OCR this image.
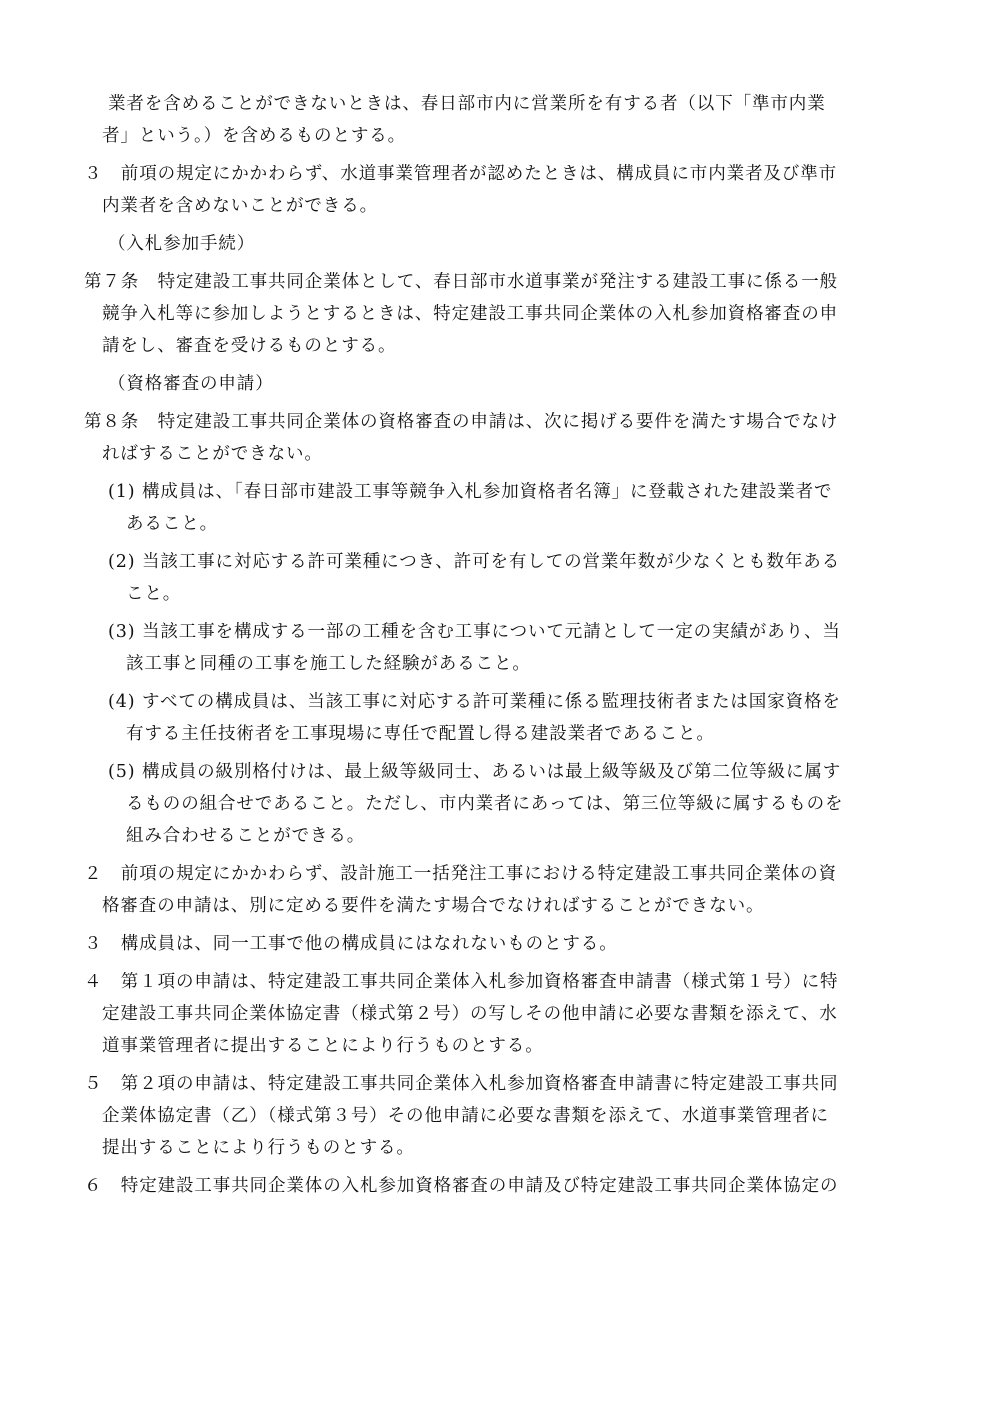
業者を含めることができないときは、春日部市内に営業所を有する者（以下「準市内業
者」という。）を含めるものとする。
３　前項の規定にかかわらず、水道事業管理者が認めたときは、構成員に市内業者及び準市
内業者を含めないことができる。
（入札参加手続）
第７条　特定建設工事共同企業体として、春日部市水道事業が発注する建設工事に係る一般
競争入札等に参加しようとするときは、特定建設工事共同企業体の入札参加資格審査の申
請をし、審査を受けるものとする。
（資格審査の申請）
第８条　特定建設工事共同企業体の資格審査の申請は、次に掲げる要件を満たす場合でなけ
ればすることができない。
(1) 構成員は、「春日部市建設工事等競争入札参加資格者名簿」に登載された建設業者で
あること。
(2) 当該工事に対応する許可業種につき、許可を有しての営業年数が少なくとも数年ある
こと。
(3) 当該工事を構成する一部の工種を含む工事について元請として一定の実績があり、当
該工事と同種の工事を施工した経験があること。
(4) すべての構成員は、当該工事に対応する許可業種に係る監理技術者または国家資格を
有する主任技術者を工事現場に専任で配置し得る建設業者であること。
(5) 構成員の級別格付けは、最上級等級同士、あるいは最上級等級及び第二位等級に属す
るものの組合せであること。ただし、市内業者にあっては、第三位等級に属するものを
組み合わせることができる。
２　前項の規定にかかわらず、設計施工一括発注工事における特定建設工事共同企業体の資
格審査の申請は、別に定める要件を満たす場合でなければすることができない。
３　構成員は、同一工事で他の構成員にはなれないものとする。
４　第１項の申請は、特定建設工事共同企業体入札参加資格審査申請書（様式第１号）に特
定建設工事共同企業体協定書（様式第２号）の写しその他申請に必要な書類を添えて、水
道事業管理者に提出することにより行うものとする。
５　第２項の申請は、特定建設工事共同企業体入札参加資格審査申請書に特定建設工事共同
企業体協定書（乙）（様式第３号）その他申請に必要な書類を添えて、水道事業管理者に
提出することにより行うものとする。
６　特定建設工事共同企業体の入札参加資格審査の申請及び特定建設工事共同企業体協定の
